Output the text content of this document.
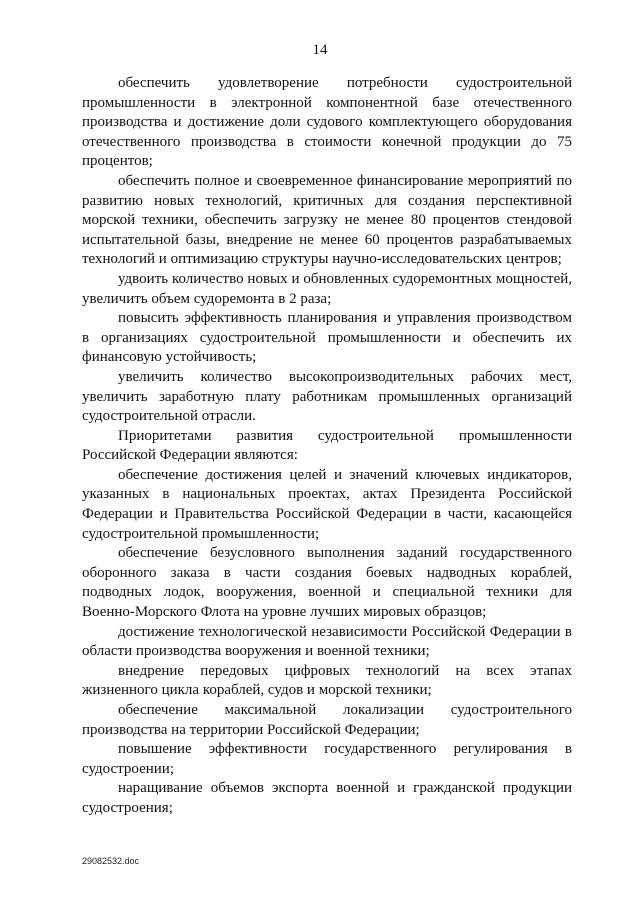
14

обеспечить удовлетворение потребности судостроительной промышленности в электронной компонентной базе отечественного производства и достижение доли судового комплектующего оборудования отечественного производства в стоимости конечной продукции до 75 процентов;

обеспечить полное и своевременное финансирование мероприятий по развитию новых технологий, критичных для создания перспективной морской техники, обеспечить загрузку не менее 80 процентов стендовой испытательной базы, внедрение не менее 60 процентов разрабатываемых технологий и оптимизацию структуры научно-исследовательских центров;

удвоить количество новых и обновленных судоремонтных мощностей, увеличить объем судоремонта в 2 раза;

повысить эффективность планирования и управления производством в организациях судостроительной промышленности и обеспечить их финансовую устойчивость;

увеличить количество высокопроизводительных рабочих мест, увеличить заработную плату работникам промышленных организаций судостроительной отрасли.

Приоритетами развития судостроительной промышленности Российской Федерации являются:

обеспечение достижения целей и значений ключевых индикаторов, указанных в национальных проектах, актах Президента Российской Федерации и Правительства Российской Федерации в части, касающейся судостроительной промышленности;

обеспечение безусловного выполнения заданий государственного оборонного заказа в части создания боевых надводных кораблей, подводных лодок, вооружения, военной и специальной техники для Военно-Морского Флота на уровне лучших мировых образцов;

достижение технологической независимости Российской Федерации в области производства вооружения и военной техники;

внедрение передовых цифровых технологий на всех этапах жизненного цикла кораблей, судов и морской техники;

обеспечение максимальной локализации судостроительного производства на территории Российской Федерации;

повышение эффективности государственного регулирования в судостроении;

наращивание объемов экспорта военной и гражданской продукции судостроения;

29082532.doc
